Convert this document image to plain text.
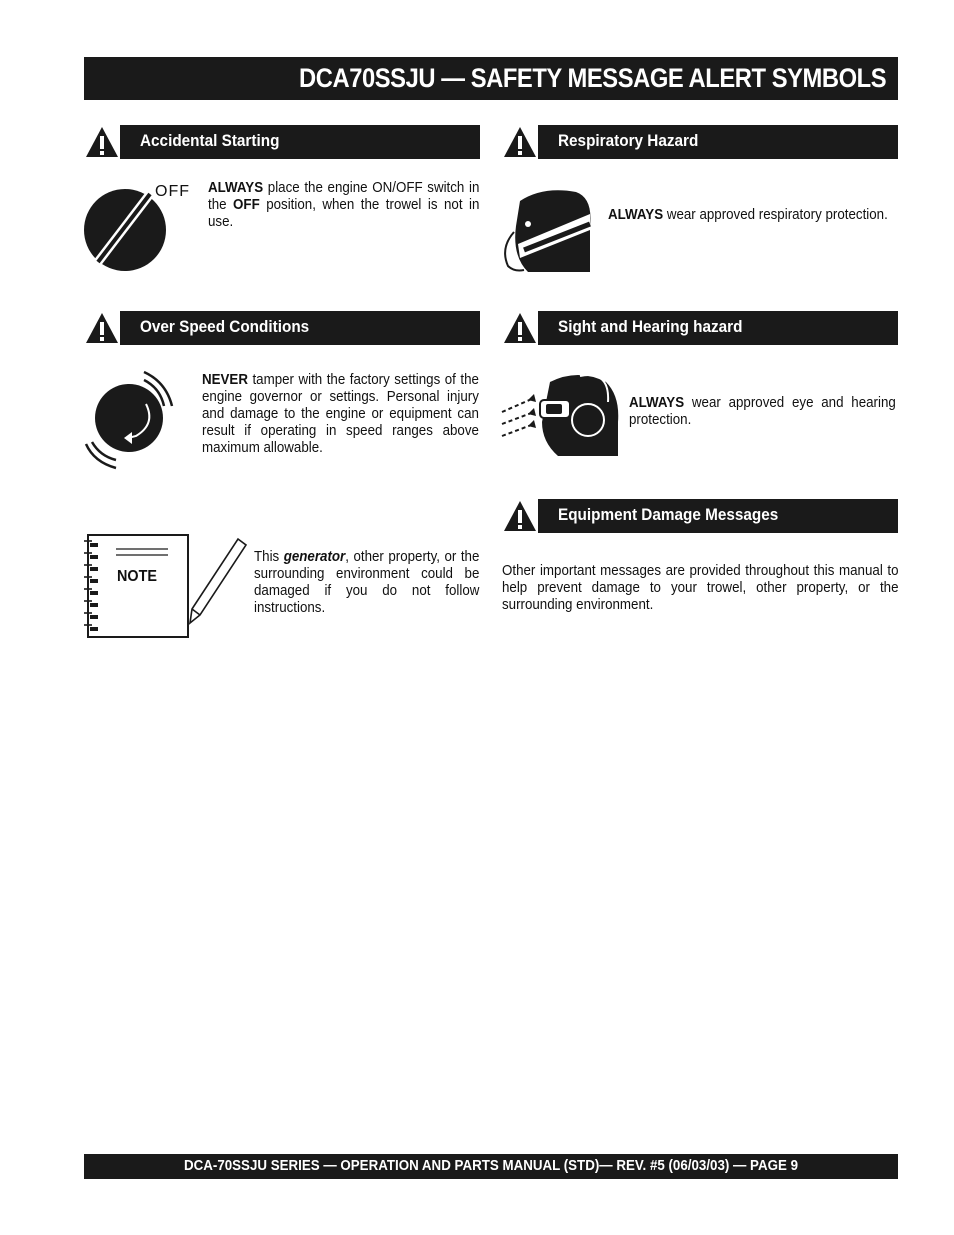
DCA70SSJU — SAFETY MESSAGE ALERT SYMBOLS
Accidental Starting
OFF ALWAYS place the engine ON/OFF switch in the OFF position, when the trowel is not in use.
Respiratory Hazard
ALWAYS wear approved respiratory protection.
Over Speed Conditions
NEVER tamper with the factory settings of the engine governor or settings. Personal injury and damage to the engine or equipment can result if operating in speed ranges above maximum allowable.
Sight and Hearing hazard
ALWAYS wear approved eye and hearing protection.
NOTE
This generator, other property, or the surrounding environment could be damaged if you do not follow instructions.
Equipment Damage Messages
Other important messages are provided throughout this manual to help prevent damage to your trowel, other property, or the surrounding environment.
DCA-70SSJU SERIES — OPERATION AND PARTS MANUAL (STD)— REV. #5 (06/03/03) — PAGE 9
